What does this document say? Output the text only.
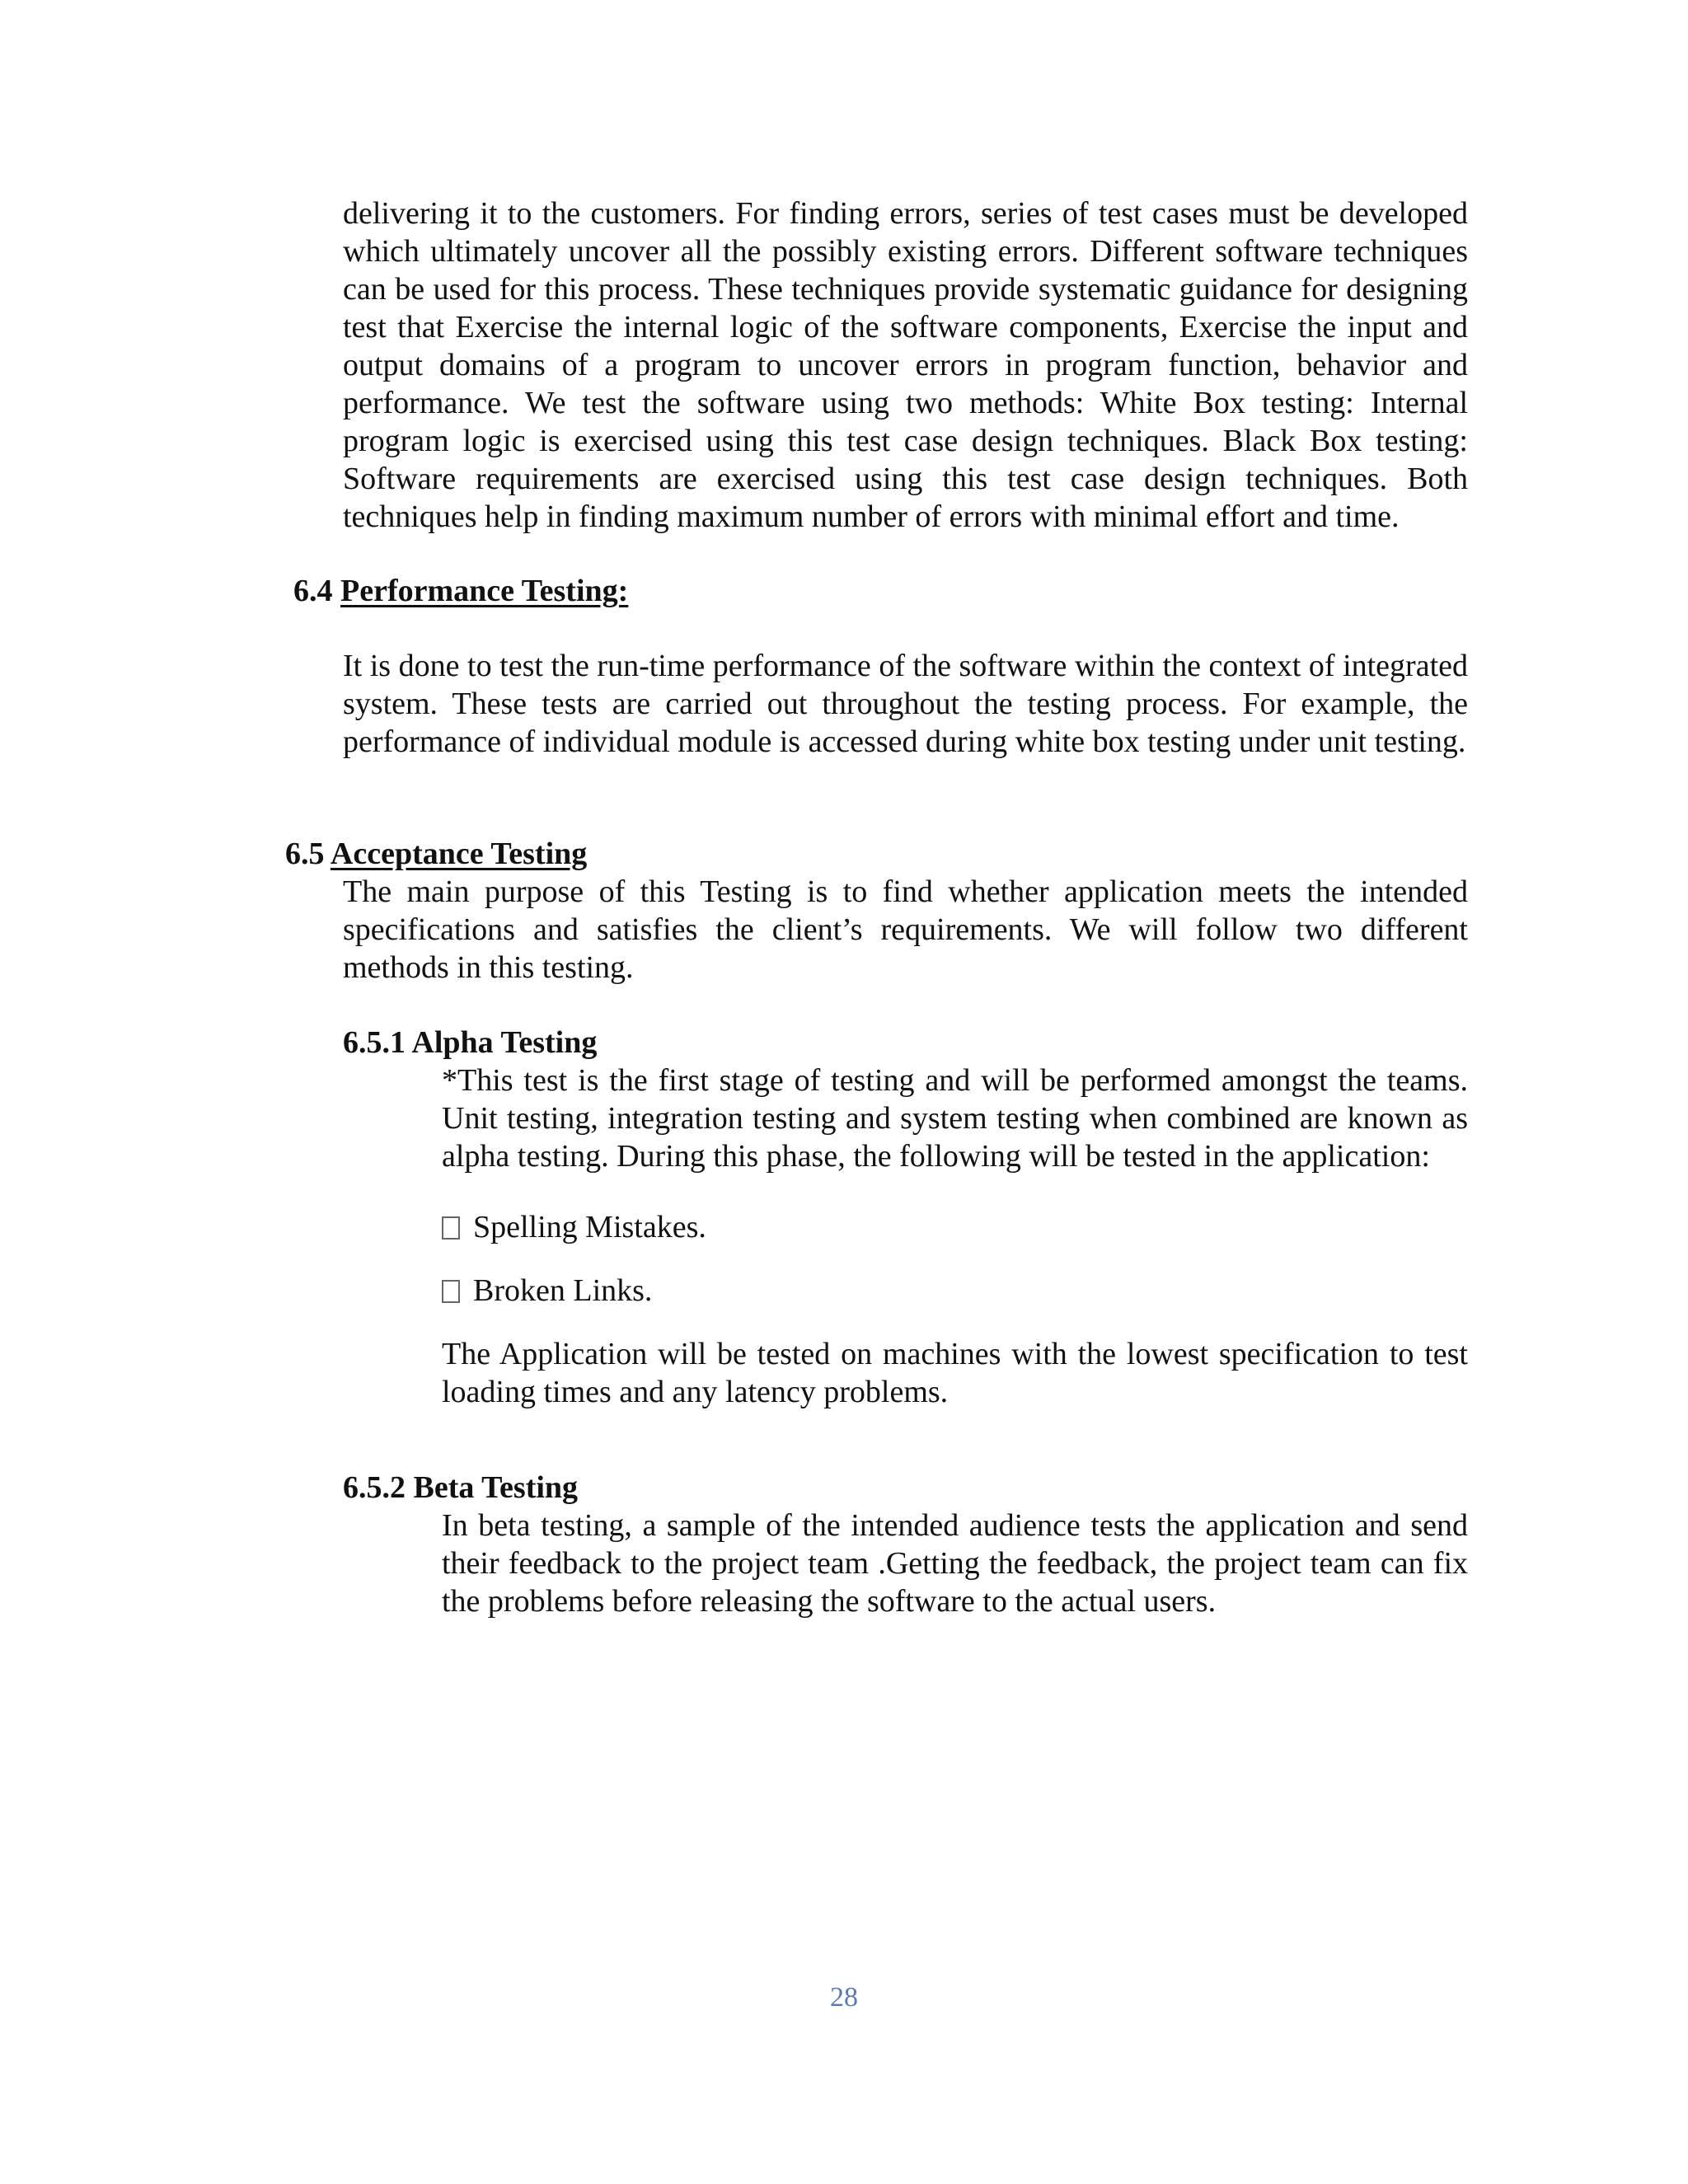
delivering it to the customers. For finding errors, series of test cases must be developed which ultimately uncover all the possibly existing errors. Different software techniques can be used for this process. These techniques provide systematic guidance for designing test that Exercise the internal logic of the software components, Exercise the input and output domains of a program to uncover errors in program function, behavior and performance. We test the software using two methods: White Box testing: Internal program logic is exercised using this test case design techniques. Black Box testing: Software requirements are exercised using this test case design techniques. Both techniques help in finding maximum number of errors with minimal effort and time.

6.4 Performance Testing:

It is done to test the run-time performance of the software within the context of integrated system. These tests are carried out throughout the testing process. For example, the performance of individual module is accessed during white box testing under unit testing.

6.5 Acceptance Testing

The main purpose of this Testing is to find whether application meets the intended specifications and satisfies the client’s requirements. We will follow two different methods in this testing.

6.5.1 Alpha Testing

*This test is the first stage of testing and will be performed amongst the teams. Unit testing, integration testing and system testing when combined are known as alpha testing. During this phase, the following will be tested in the application:

Spelling Mistakes.
Broken Links.

The Application will be tested on machines with the lowest specification to test loading times and any latency problems.

6.5.2 Beta Testing

In beta testing, a sample of the intended audience tests the application and send their feedback to the project team .Getting the feedback, the project team can fix the problems before releasing the software to the actual users.

28
